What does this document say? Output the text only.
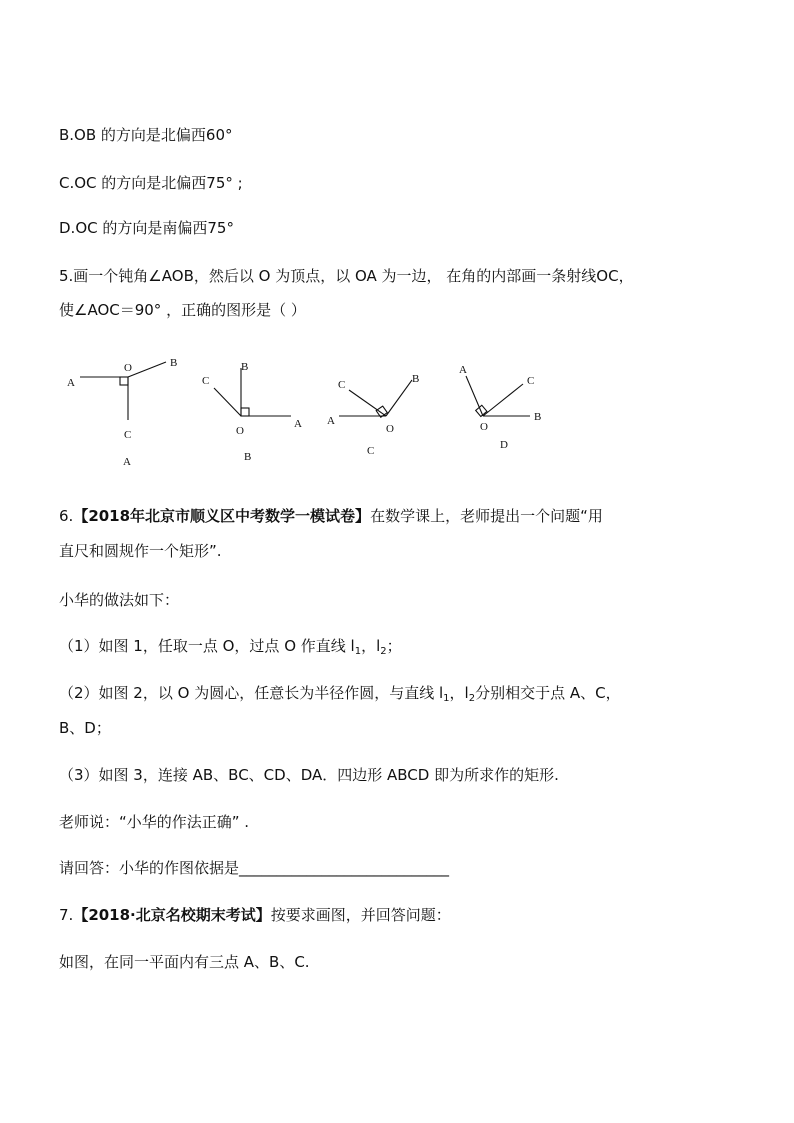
B.OB 的方向是北偏西60°
C.OC 的方向是北偏西75° ;
D.OC 的方向是南偏西75°
5.画一个钝角∠AOB，然后以 O 为顶点，以 OA 为一边， 在角的内部画一条射线OC，
使∠AOC＝90° ，正确的图形是（ ）
A
O	B
C
A
B
C
O
A
B
A
C	B
O
C
A
C
B
O
D
6.【2018年北京市顺义区中考数学一模试卷】在数学课上，老师提出一个问题“用
直尺和圆规作一个矩形”.
小华的做法如下：
（1）如图 1，任取一点 O，过点 O 作直线 $l_1$，$l_2$；
（2）如图 2，以 O 为圆心，任意长为半径作圆，与直线 $l_1$，$l_2$分别相交于点 A、C，
B、D；
（3）如图 3，连接 AB、BC、CD、DA．四边形 ABCD 即为所求作的矩形.
老师说：“小华的作法正确” .
请回答：小华的作图依据是____________________________
7.【2018·北京名校期末考试】按要求画图，并回答问题：
如图，在同一平面内有三点 A、B、C.
